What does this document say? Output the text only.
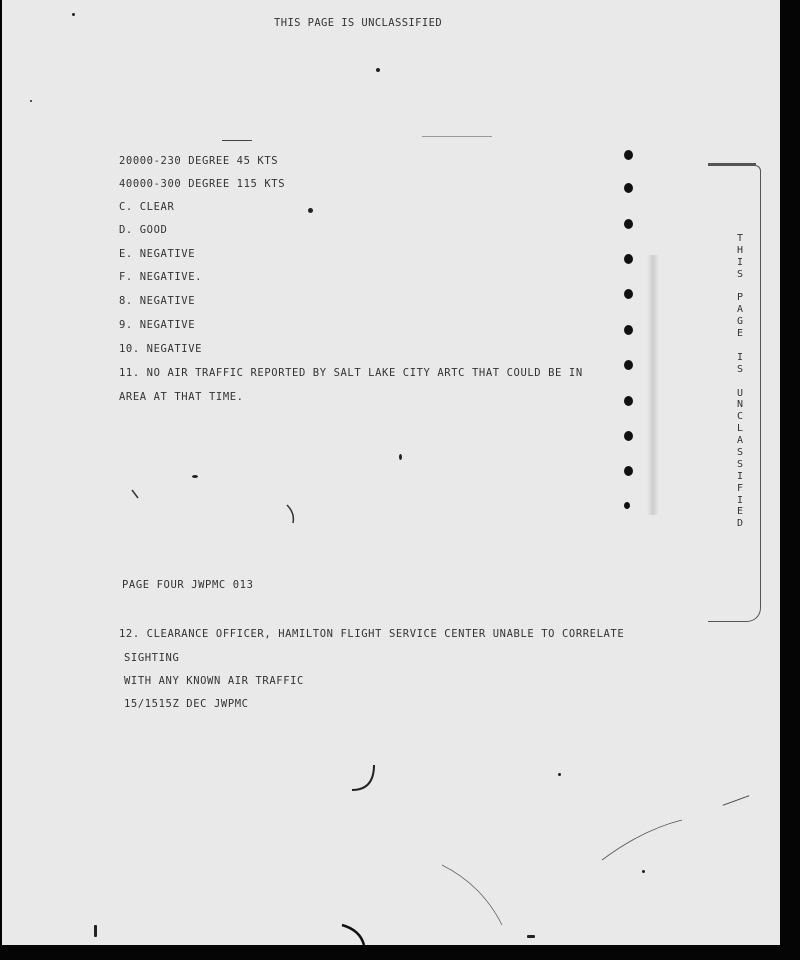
THIS PAGE IS UNCLASSIFIED
20000-230 DEGREE 45 KTS
40000-300 DEGREE 115 KTS
C. CLEAR
D. GOOD
E. NEGATIVE
F. NEGATIVE.
8. NEGATIVE
9. NEGATIVE
10. NEGATIVE
11. NO AIR TRAFFIC REPORTED BY SALT LAKE CITY ARTC THAT COULD BE IN
AREA AT THAT TIME.
PAGE FOUR JWPMC 013
12. CLEARANCE OFFICER, HAMILTON FLIGHT SERVICE CENTER UNABLE TO CORRELATE
SIGHTING
WITH ANY KNOWN AIR TRAFFIC
15/1515Z DEC JWPMC
T
H
I
S
P
A
G
E
I
S
U
N
C
L
A
S
S
I
F
I
E
D
